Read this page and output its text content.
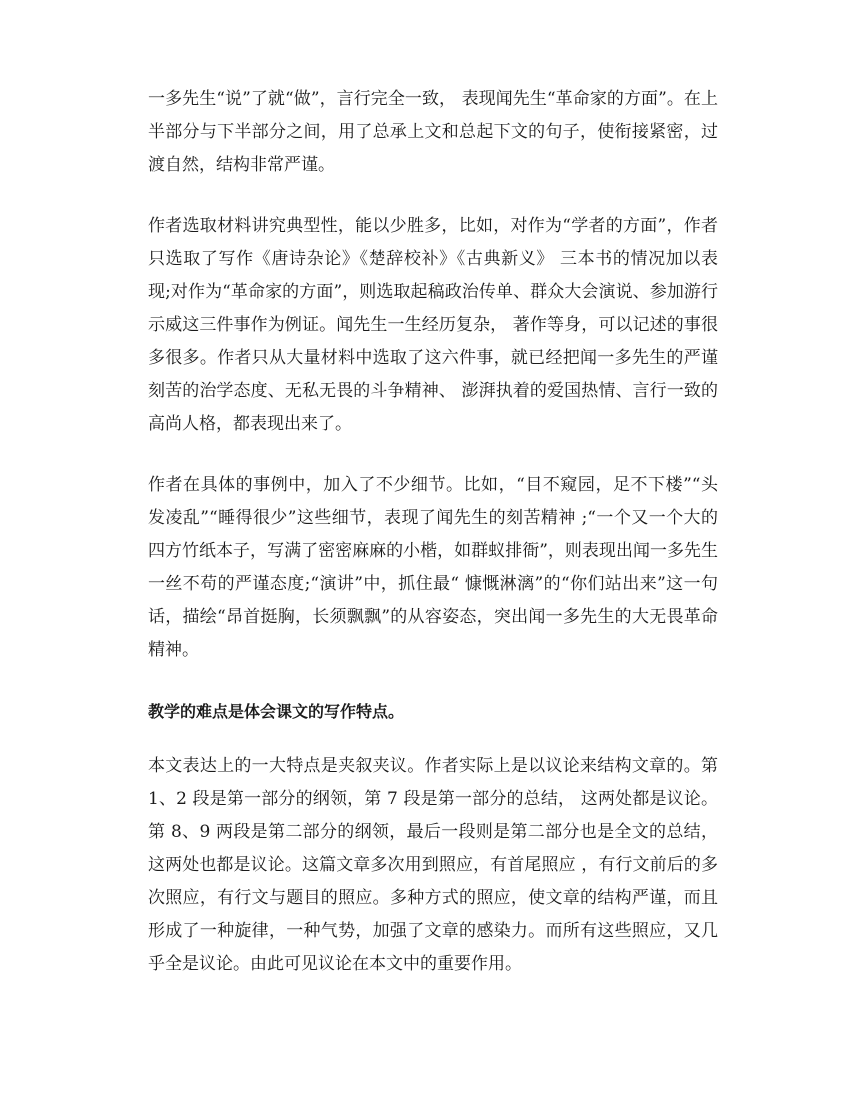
一多先生“说”了就“做”，言行完全一致， 表现闻先生“革命家的方面”。在上半部分与下半部分之间，用了总承上文和总起下文的句子，使衔接紧密，过渡自然，结构非常严谨。

作者选取材料讲究典型性，能以少胜多，比如，对作为“学者的方面”，作者只选取了写作《唐诗杂论》《楚辞校补》《古典新义》 三本书的情况加以表现;对作为“革命家的方面”，则选取起稿政治传单、群众大会演说、参加游行示威这三件事作为例证。闻先生一生经历复杂， 著作等身，可以记述的事很多很多。作者只从大量材料中选取了这六件事，就已经把闻一多先生的严谨刻苦的治学态度、无私无畏的斗争精神、 澎湃执着的爱国热情、言行一致的高尚人格，都表现出来了。

作者在具体的事例中，加入了不少细节。比如，“目不窥园，足不下楼”“头发凌乱”“睡得很少”这些细节，表现了闻先生的刻苦精神 ;“一个又一个大的四方竹纸本子，写满了密密麻麻的小楷，如群蚁排衙”，则表现出闻一多先生一丝不苟的严谨态度;“演讲”中，抓住最“ 慷慨淋漓”的“你们站出来”这一句话，描绘“昂首挺胸，长须飘飘”的从容姿态，突出闻一多先生的大无畏革命精神。

教学的难点是体会课文的写作特点。

本文表达上的一大特点是夹叙夹议。作者实际上是以议论来结构文章的。第 1、2 段是第一部分的纲领，第 7 段是第一部分的总结， 这两处都是议论。第 8、9 两段是第二部分的纲领，最后一段则是第二部分也是全文的总结，这两处也都是议论。这篇文章多次用到照应，有首尾照应 ，有行文前后的多次照应，有行文与题目的照应。多种方式的照应，使文章的结构严谨，而且形成了一种旋律，一种气势，加强了文章的感染力。而所有这些照应，又几乎全是议论。由此可见议论在本文中的重要作用。
